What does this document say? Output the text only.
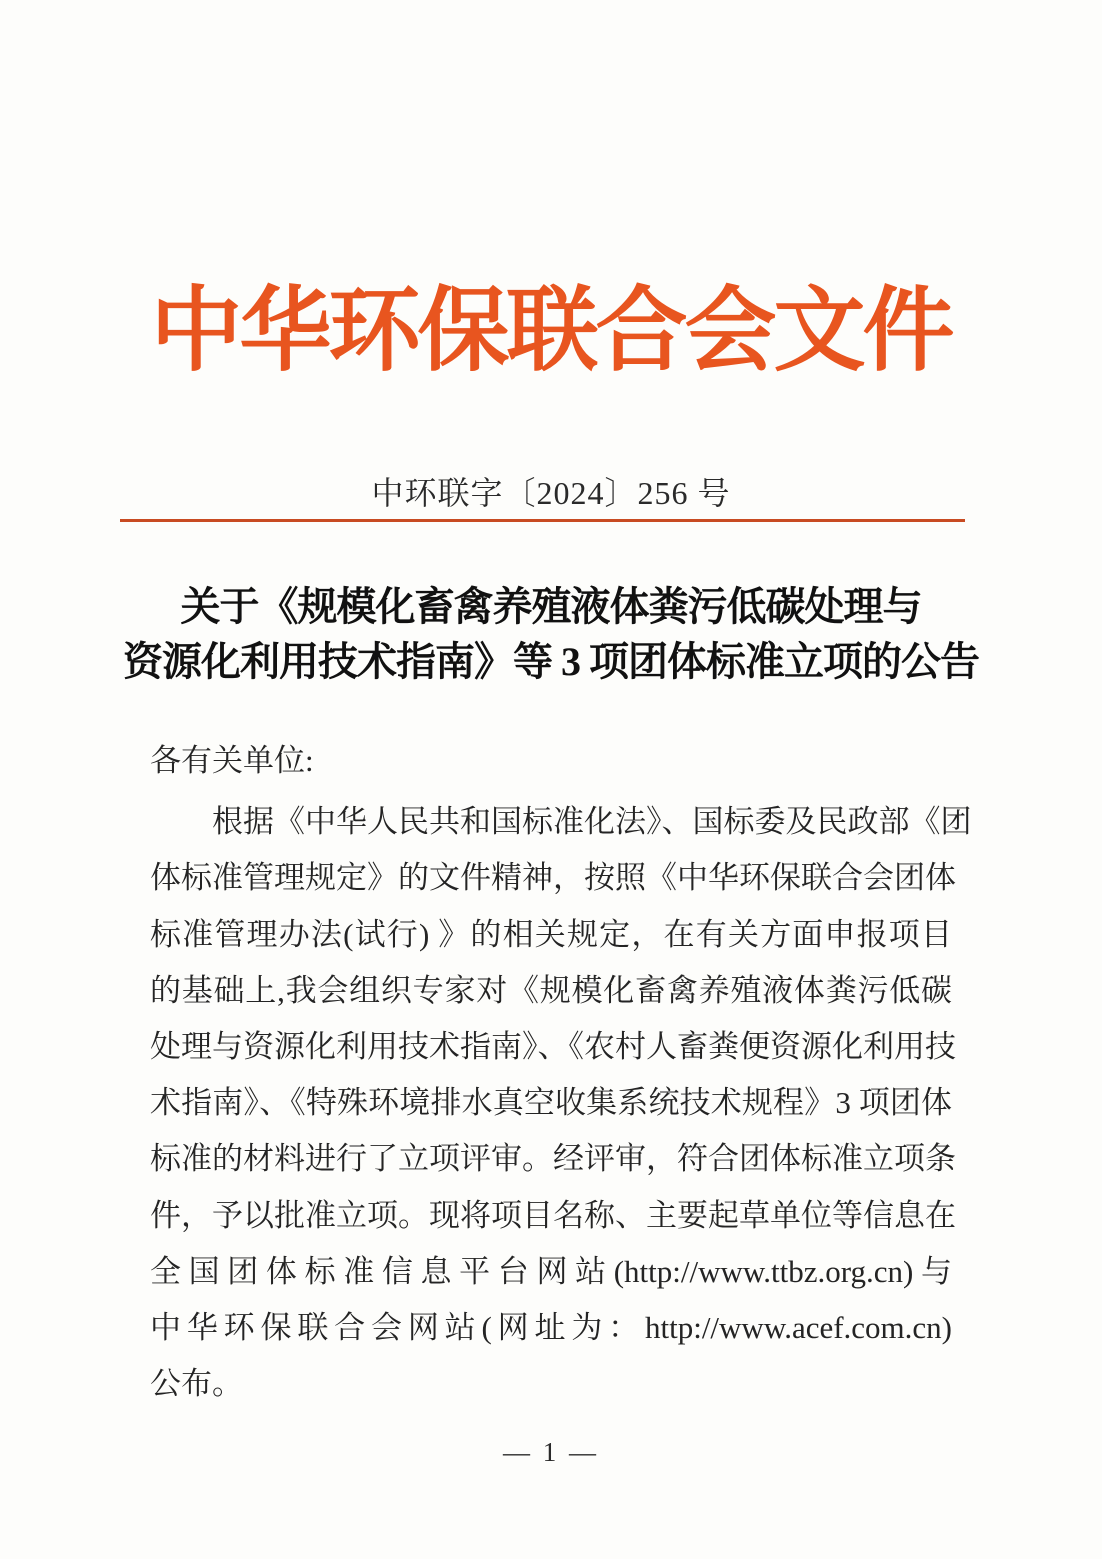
中华环保联合会文件
中环联字〔2024〕256 号
关于《规模化畜禽养殖液体粪污低碳处理与
资源化利用技术指南》等 3 项团体标准立项的公告
各有关单位:
根据《中华人民共和国标准化法》、国标委及民政部《团
体标准管理规定》的文件精神，按照《中华环保联合会团体
标准管理办法(试行) 》的相关规定，在有关方面申报项目
的基础上,我会组织专家对《规模化畜禽养殖液体粪污低碳
处理与资源化利用技术指南》、《农村人畜粪便资源化利用技
术指南》、《特殊环境排水真空收集系统技术规程》3 项团体
标准的材料进行了立项评审。经评审，符合团体标准立项条
件，予以批准立项。现将项目名称、主要起草单位等信息在
全国团体标准信息平台网站(http://www.ttbz.org.cn)与
中华环保联合会网站(网址为：http://www.acef.com.cn)
公布。
— 1 —
